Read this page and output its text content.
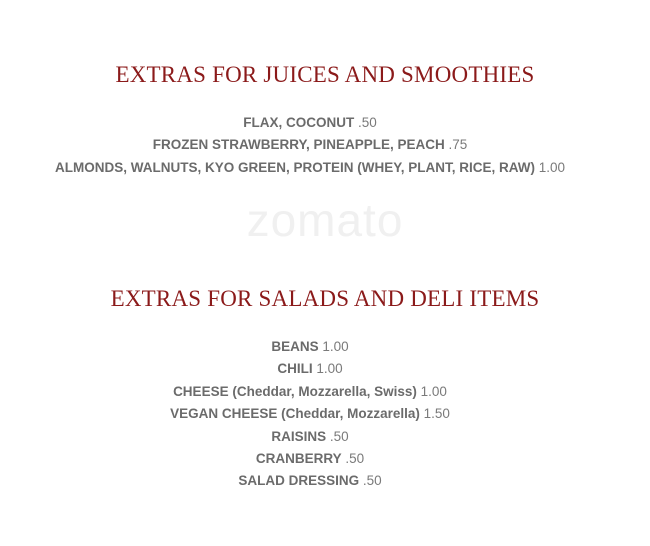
zomato
EXTRAS FOR JUICES AND SMOOTHIES
FLAX, COCONUT .50
FROZEN STRAWBERRY, PINEAPPLE, PEACH .75
ALMONDS, WALNUTS, KYO GREEN, PROTEIN (WHEY, PLANT, RICE, RAW) 1.00
EXTRAS FOR SALADS AND DELI ITEMS
BEANS 1.00
CHILI 1.00
CHEESE (Cheddar, Mozzarella, Swiss) 1.00
VEGAN CHEESE (Cheddar, Mozzarella) 1.50
RAISINS .50
CRANBERRY .50
SALAD DRESSING .50
